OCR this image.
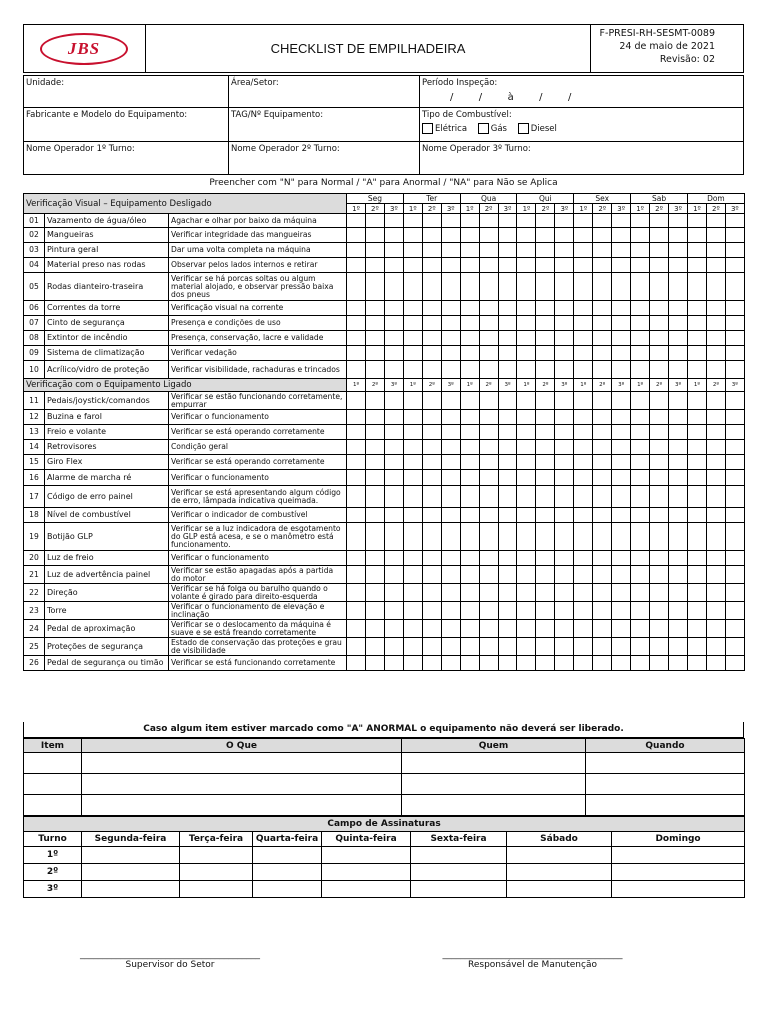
JBS	CHECKLIST DE EMPILHADEIRA
F-PRESI-RH-SESMT-0089
24 de maio de 2021
Revisão: 02
Unidade:	Área/Setor:	Período Inspeção:
/        /        à        /        /
Fabricante e Modelo do Equipamento:	TAG/Nº Equipamento:	Tipo de Combustível:
Elétrica	Gás	Diesel
Nome Operador 1º Turno:	Nome Operador 2º Turno:	Nome Operador 3º Turno:
Preencher com "N" para Normal / "A" para Anormal / "NA" para Não se Aplica
Verificação Visual – Equipamento Desligado			Seg			Ter			Qua			Qui			Sex			Sab			Dom		
			1º	2º	3º	1º	2º	3º	1º	2º	3º	1º	2º	3º	1º	2º	3º	1º	2º	3º	1º	2º	3º
01	Vazamento de água/óleo	Agachar e olhar por baixo da máquina																					
02	Mangueiras	Verificar integridade das mangueiras																					
03	Pintura geral	Dar uma volta completa na máquina																					
04	Material preso nas rodas	Observar pelos lados internos e retirar																					
05	Rodas dianteiro-traseira	Verificar se há porcas soltas ou algum material alojado, e observar pressão baixa dos pneus																					
06	Correntes da torre	Verificação visual na corrente																					
07	Cinto de segurança	Presença e condições de uso																					
08	Extintor de incêndio	Presença, conservação, lacre e validade																					
09	Sistema de climatização	Verificar vedação																					
10	Acrílico/vidro de proteção	Verificar visibilidade, rachaduras e trincados																					
Verificação com o Equipamento Ligado			1º	2º	3º	1º	2º	3º	1º	2º	3º	1º	2º	3º	1º	2º	3º	1º	2º	3º	1º	2º	3º
11	Pedais/joystick/comandos	Verificar se estão funcionando corretamente, empurrar																					
12	Buzina e farol	Verificar o funcionamento																					
13	Freio e volante	Verificar se está operando corretamente																					
14	Retrovisores	Condição geral																					
15	Giro Flex	Verificar se está operando corretamente																					
16	Alarme de marcha ré	Verificar o funcionamento																					
17	Código de erro painel	Verificar se está apresentando algum código de erro, lâmpada indicativa queimada.																					
18	Nível de combustível	Verificar o indicador de combustível																					
19	Botijão GLP	Verificar se a luz indicadora de esgotamento do GLP está acesa, e se o manômetro está funcionamento.																					
20	Luz de freio	Verificar o funcionamento																					
21	Luz de advertência painel	Verificar se estão apagadas após a partida do motor																					
22	Direção	Verificar se há folga ou barulho quando o volante é girado para direito-esquerda																					
23	Torre	Verificar o funcionamento de elevação e inclinação																					
24	Pedal de aproximação	Verificar se o deslocamento da máquina é suave e se está freando corretamente																					
25	Proteções de segurança	Estado de conservação das proteções e grau de visibilidade																					
26	Pedal de segurança ou timão	Verificar se está funcionando corretamente																					
Caso algum item estiver marcado como "A" ANORMAL o equipamento não deverá ser liberado.
Item	O Que	Quem	Quando

Campo de Assinaturas							
Turno	Segunda-feira	Terça-feira	Quarta-feira	Quinta-feira	Sexta-feira	Sábado	Domingo
1º							
2º							
3º							
________________________________________
Supervisor do Setor
________________________________________
Responsável de Manutenção
